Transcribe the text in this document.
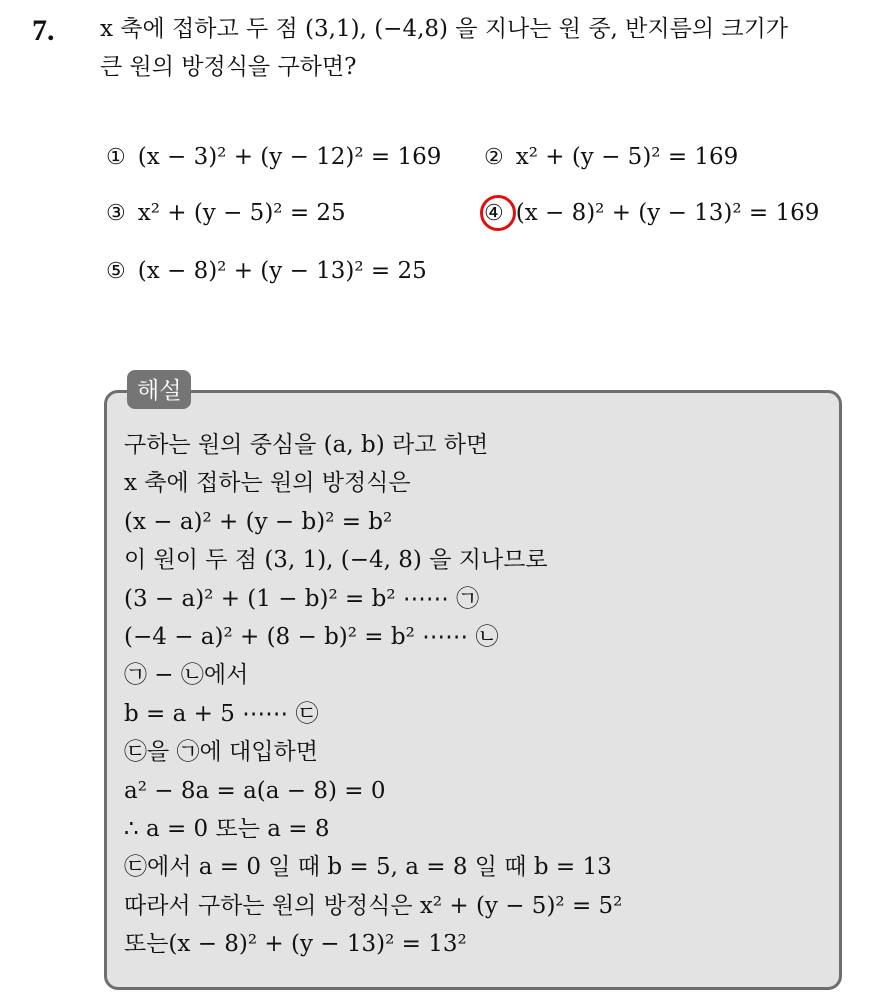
7. x 축에 접하고 두 점 (3,1), (−4,8) 을 지나는 원 중, 반지름의 크기가
큰 원의 방정식을 구하면?
① (x − 3)² + (y − 12)² = 169 ② x² + (y − 5)² = 169
③ x² + (y − 5)² = 25	④ (x − 8)² + (y − 13)² = 169
⑤ (x − 8)² + (y − 13)² = 25
해설
구하는 원의 중심을 (a, b) 라고 하면
x 축에 접하는 원의 방정식은
(x − a)² + (y − b)² = b²
이 원이 두 점 (3, 1), (−4, 8) 을 지나므로
(3 − a)² + (1 − b)² = b² ⋯⋯ ㉠
(−4 − a)² + (8 − b)² = b² ⋯⋯ ㉡
㉠ − ㉡에서
b = a + 5 ⋯⋯ ㉢
㉢을 ㉠에 대입하면
a² − 8a = a(a − 8) = 0
∴ a = 0 또는 a = 8
㉢에서 a = 0 일 때 b = 5, a = 8 일 때 b = 13
따라서 구하는 원의 방정식은 x² + (y − 5)² = 5²
또는(x − 8)² + (y − 13)² = 13²
